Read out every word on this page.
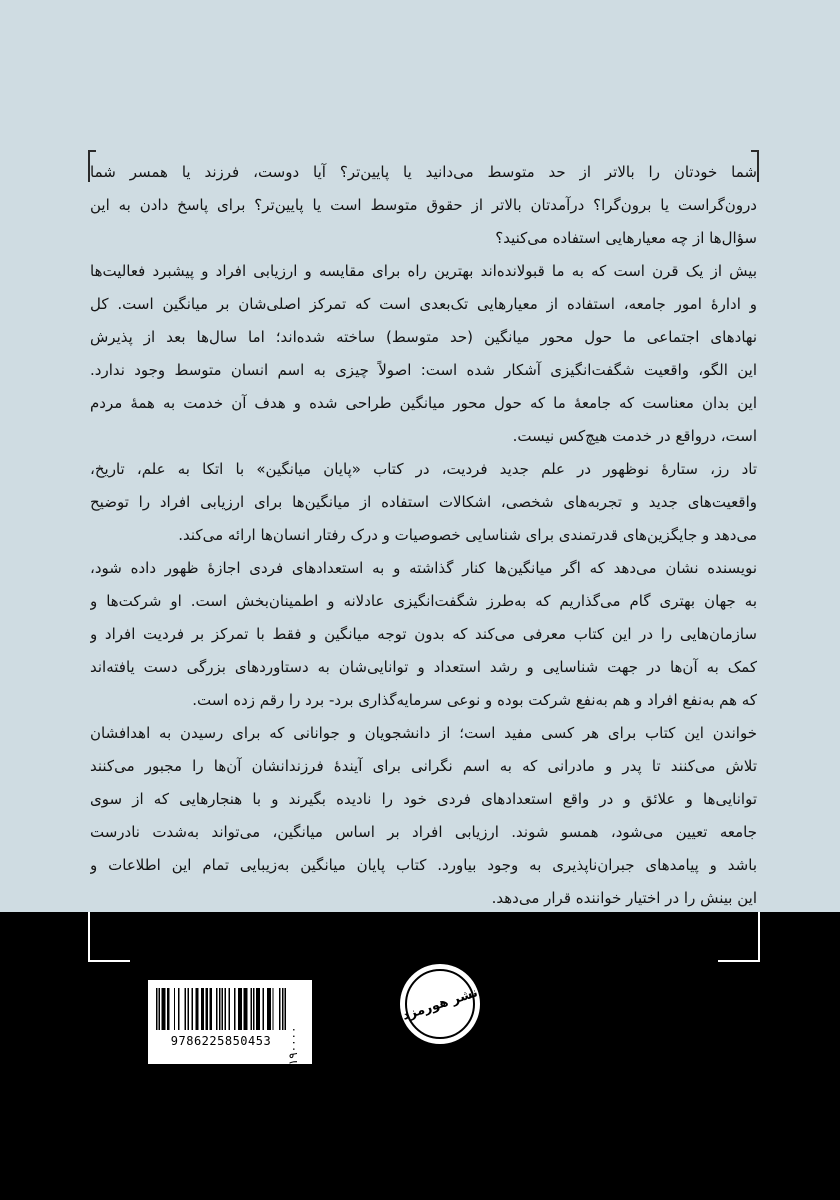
شما خودتان را بالاتر از حد متوسط می‌دانید یا پایین‌تر؟ آیا دوست، فرزند یا همسر شما
درون‌گراست یا برون‌گرا؟ درآمدتان بالاتر از حقوق متوسط است یا پایین‌تر؟ برای پاسخ دادن به این
سؤال‌ها از چه معیارهایی استفاده می‌کنید؟
بیش از یک قرن است که به ما قبولانده‌اند بهترین راه برای مقایسه و ارزیابی افراد و پیشبرد فعالیت‌ها
و ادارهٔ امور جامعه، استفاده از معیارهایی تک‌بعدی است که تمرکز اصلی‌شان بر میانگین است. کل
نهادهای اجتماعی ما حول محور میانگین (حد متوسط) ساخته شده‌اند؛ اما سال‌ها بعد از پذیرش
این الگو، واقعیت شگفت‌انگیزی آشکار شده است: اصولاً چیزی به اسم انسان متوسط وجود ندارد.
این بدان معناست که جامعهٔ ما که حول محور میانگین طراحی شده و هدف آن خدمت به همهٔ مردم
است، درواقع در خدمت هیچ‌کس نیست.
تاد رز، ستارهٔ نوظهور در علم جدید فردیت، در کتاب «پایان میانگین» با اتکا به علم، تاریخ،
واقعیت‌های جدید و تجربه‌های شخصی، اشکالات استفاده از میانگین‌ها برای ارزیابی افراد را توضیح
می‌دهد و جایگزین‌های قدرتمندی برای شناسایی خصوصیات و درک رفتار انسان‌ها ارائه می‌کند.
نویسنده نشان می‌دهد که اگر میانگین‌ها کنار گذاشته و به استعدادهای فردی اجازهٔ ظهور داده شود،
به جهان بهتری گام می‌گذاریم که به‌طرز شگفت‌انگیزی عادلانه و اطمینان‌بخش است. او شرکت‌ها و
سازمان‌هایی را در این کتاب معرفی می‌کند که بدون توجه میانگین و فقط با تمرکز بر فردیت افراد و
کمک به آن‌ها در جهت شناسایی و رشد استعداد و توانایی‌شان به دستاوردهای بزرگی دست یافته‌اند
که هم به‌نفع افراد و هم به‌نفع شرکت بوده و نوعی سرمایه‌گذاری برد- برد را رقم زده است.
خواندن این کتاب برای هر کسی مفید است؛ از دانشجویان و جوانانی که برای رسیدن به اهدافشان
تلاش می‌کنند تا پدر و مادرانی که به اسم نگرانی برای آیندهٔ فرزندانشان آن‌ها را مجبور می‌کنند
توانایی‌ها و علائق و در واقع استعدادهای فردی خود را نادیده بگیرند و با هنجارهایی که از سوی
جامعه تعیین می‌شود، همسو شوند. ارزیابی افراد بر اساس میانگین، می‌تواند به‌شدت نادرست
باشد و پیامدهای جبران‌ناپذیری به وجود بیاورد. کتاب پایان میانگین به‌زیبایی تمام این اطلاعات و
این بینش را در اختیار خواننده قرار می‌دهد.
9786225850453
۱۹۰۰۰۰ تومان
نشر هورمزد
